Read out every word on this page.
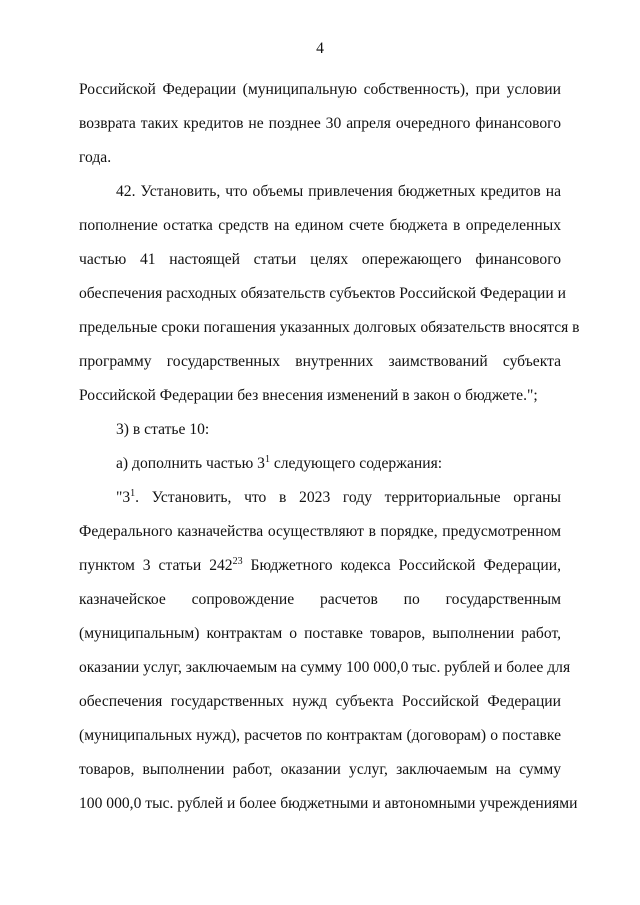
4
Российской Федерации (муниципальную собственность), при условии
возврата таких кредитов не позднее 30 апреля очередного финансового
года.
42. Установить, что объемы привлечения бюджетных кредитов на
пополнение остатка средств на едином счете бюджета в определенных
частью 41 настоящей статьи целях опережающего финансового
обеспечения расходных обязательств субъектов Российской Федерации и
предельные сроки погашения указанных долговых обязательств вносятся в
программу государственных внутренних заимствований субъекта
Российской Федерации без внесения изменений в закон о бюджете.";
3) в статье 10:
а) дополнить частью $3^1$ следующего содержания:
"$3^1$. Установить, что в 2023 году территориальные органы
Федерального казначейства осуществляют в порядке, предусмотренном
пунктом 3 статьи $242^{23}$ Бюджетного кодекса Российской Федерации,
казначейское сопровождение расчетов по государственным
(муниципальным) контрактам о поставке товаров, выполнении работ,
оказании услуг, заключаемым на сумму 100 000,0 тыс. рублей и более для
обеспечения государственных нужд субъекта Российской Федерации
(муниципальных нужд), расчетов по контрактам (договорам) о поставке
товаров, выполнении работ, оказании услуг, заключаемым на сумму
100 000,0 тыс. рублей и более бюджетными и автономными учреждениями
